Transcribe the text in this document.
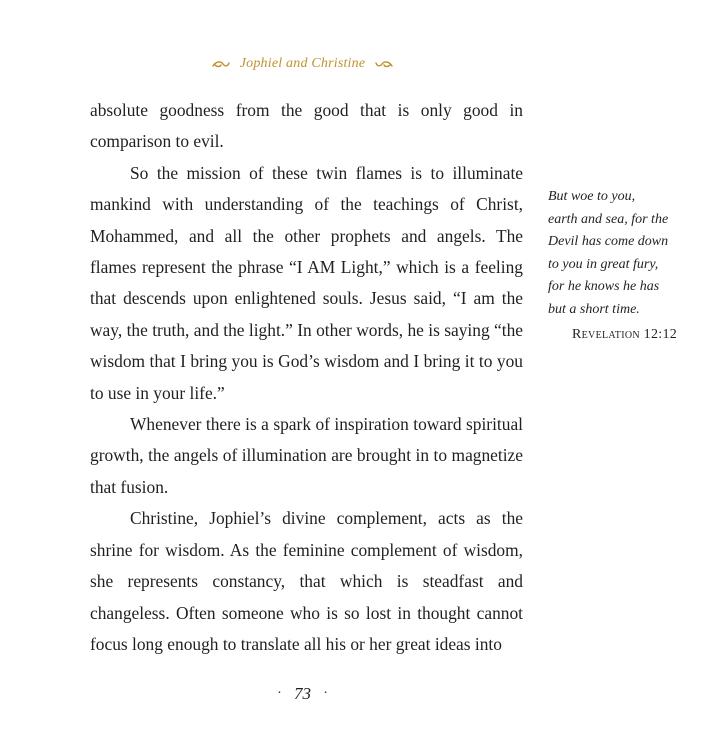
Jophiel and Christine

absolute goodness from the good that is only good in comparison to evil.

So the mission of these twin flames is to illuminate mankind with understanding of the teachings of Christ, Mohammed, and all the other prophets and angels. The flames represent the phrase “I AM Light,” which is a feeling that descends upon enlightened souls. Jesus said, “I am the way, the truth, and the light.” In other words, he is saying “the wisdom that I bring you is God’s wisdom and I bring it to you to use in your life.”

Whenever there is a spark of inspiration toward spiritual growth, the angels of illumination are brought in to magnetize that fusion.

Christine, Jophiel’s divine complement, acts as the shrine for wisdom. As the feminine complement of wisdom, she represents constancy, that which is steadfast and changeless. Often someone who is so lost in thought cannot focus long enough to translate all his or her great ideas into

But woe to you,
earth and sea, for the
Devil has come down
to you in great fury,
for he knows he has
but a short time.
Revelation 12:12
· 73 ·
